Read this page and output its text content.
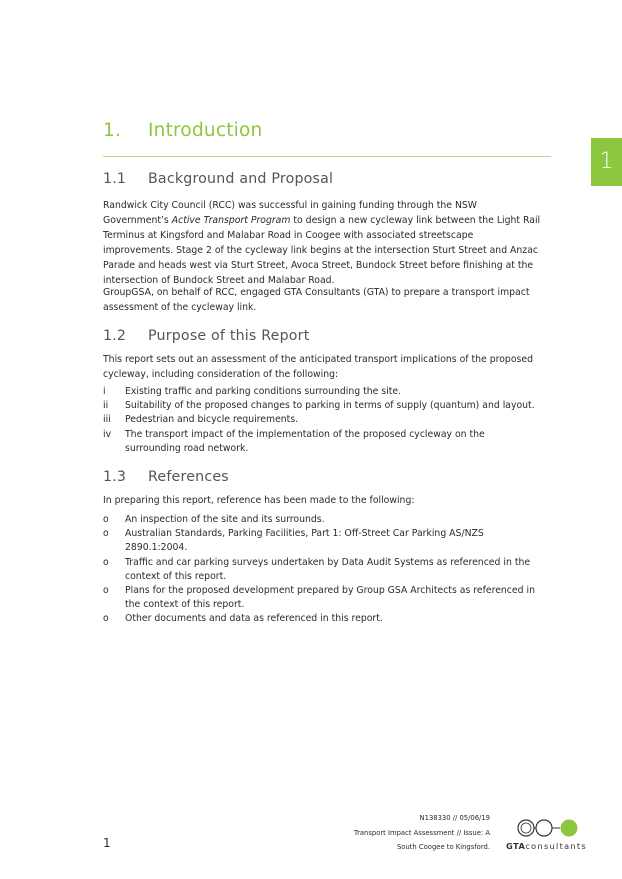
1
1. Introduction
1.1 Background and Proposal
Randwick City Council (RCC) was successful in gaining funding through the NSW Government’s Active Transport Program to design a new cycleway link between the Light Rail Terminus at Kingsford and Malabar Road in Coogee with associated streetscape improvements. Stage 2 of the cycleway link begins at the intersection Sturt Street and Anzac Parade and heads west via Sturt Street, Avoca Street, Bundock Street before finishing at the intersection of Bundock Street and Malabar Road.
GroupGSA, on behalf of RCC, engaged GTA Consultants (GTA) to prepare a transport impact assessment of the cycleway link.
1.2 Purpose of this Report
This report sets out an assessment of the anticipated transport implications of the proposed cycleway, including consideration of the following:
i	Existing traffic and parking conditions surrounding the site.
ii	Suitability of the proposed changes to parking in terms of supply (quantum) and layout.
iii	Pedestrian and bicycle requirements.
iv	The transport impact of the implementation of the proposed cycleway on the surrounding road network.
1.3 References
In preparing this report, reference has been made to the following:
o	An inspection of the site and its surrounds.
o	Australian Standards, Parking Facilities, Part 1: Off-Street Car Parking AS/NZS 2890.1:2004.
o	Traffic and car parking surveys undertaken by Data Audit Systems as referenced in the context of this report.
o	Plans for the proposed development prepared by Group GSA Architects as referenced in the context of this report.
o	Other documents and data as referenced in this report.
N138330 // 05/06/19
Transport Impact Assessment // Issue: A
South Coogee to Kingsford.
1	GTAconsultants
